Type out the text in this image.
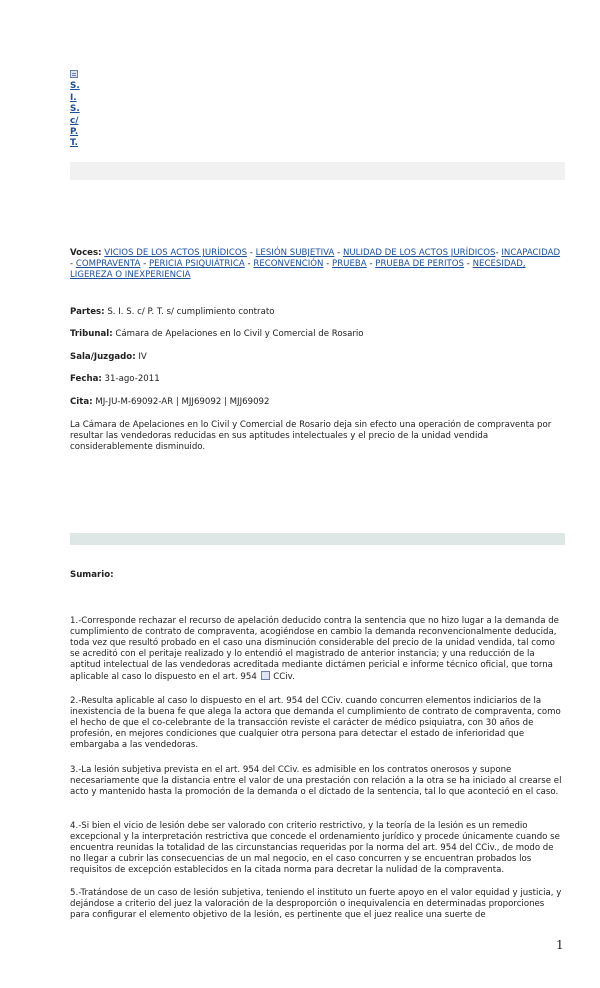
S.
I.
S.
c/
P.
T.
Voces: VICIOS DE LOS ACTOS JURÍDICOS - LESIÓN SUBJETIVA - NULIDAD DE LOS ACTOS JURÍDICOS- INCAPACIDAD - COMPRAVENTA - PERICIA PSIQUIÁTRICA - RECONVENCIÓN - PRUEBA - PRUEBA DE PERITOS - NECESIDAD, LIGEREZA O INEXPERIENCIA
Partes: S. I. S. c/ P. T. s/ cumplimiento contrato
Tribunal: Cámara de Apelaciones en lo Civil y Comercial de Rosario
Sala/Juzgado: IV
Fecha: 31-ago-2011
Cita: MJ-JU-M-69092-AR | MJJ69092 | MJJ69092
La Cámara de Apelaciones en lo Civil y Comercial de Rosario deja sin efecto una operación de compraventa por resultar las vendedoras reducidas en sus aptitudes intelectuales y el precio de la unidad vendida considerablemente disminuido.
Sumario:
1.-Corresponde rechazar el recurso de apelación deducido contra la sentencia que no hizo lugar a la demanda de cumplimiento de contrato de compraventa, acogiéndose en cambio la demanda reconvencionalmente deducida, toda vez que resultó probado en el caso una disminución considerable del precio de la unidad vendida, tal como se acreditó con el peritaje realizado y lo entendió el magistrado de anterior instancia; y una reducción de la aptitud intelectual de las vendedoras acreditada mediante dictámen pericial e informe técnico oficial, que torna aplicable al caso lo dispuesto en el art. 954 CCiv.
2.-Resulta aplicable al caso lo dispuesto en el art. 954 del CCiv. cuando concurren elementos indiciarios de la inexistencia de la buena fe que alega la actora que demanda el cumplimiento de contrato de compraventa, como el hecho de que el co-celebrante de la transacción reviste el carácter de médico psiquiatra, con 30 años de profesión, en mejores condiciones que cualquier otra persona para detectar el estado de inferioridad que embargaba a las vendedoras.
3.-La lesión subjetiva prevista en el art. 954 del CCiv. es admisible en los contratos onerosos y supone necesariamente que la distancia entre el valor de una prestación con relación a la otra se ha iniciado al crearse el acto y mantenido hasta la promoción de la demanda o el dictado de la sentencia, tal lo que aconteció en el caso.
4.-Si bien el vicio de lesión debe ser valorado con criterio restrictivo, y la teoría de la lesión es un remedio excepcional y la interpretación restrictiva que concede el ordenamiento jurídico y procede únicamente cuando se encuentra reunidas la totalidad de las circunstancias requeridas por la norma del art. 954 del CCiv., de modo de no llegar a cubrir las consecuencias de un mal negocio, en el caso concurren y se encuentran probados los requisitos de excepción establecidos en la citada norma para decretar la nulidad de la compraventa.
5.-Tratándose de un caso de lesión subjetiva, teniendo el instituto un fuerte apoyo en el valor equidad y justicia, y dejándose a criterio del juez la valoración de la desproporción o inequivalencia en determinadas proporciones para configurar el elemento objetivo de la lesión, es pertinente que el juez realice una suerte de
1
